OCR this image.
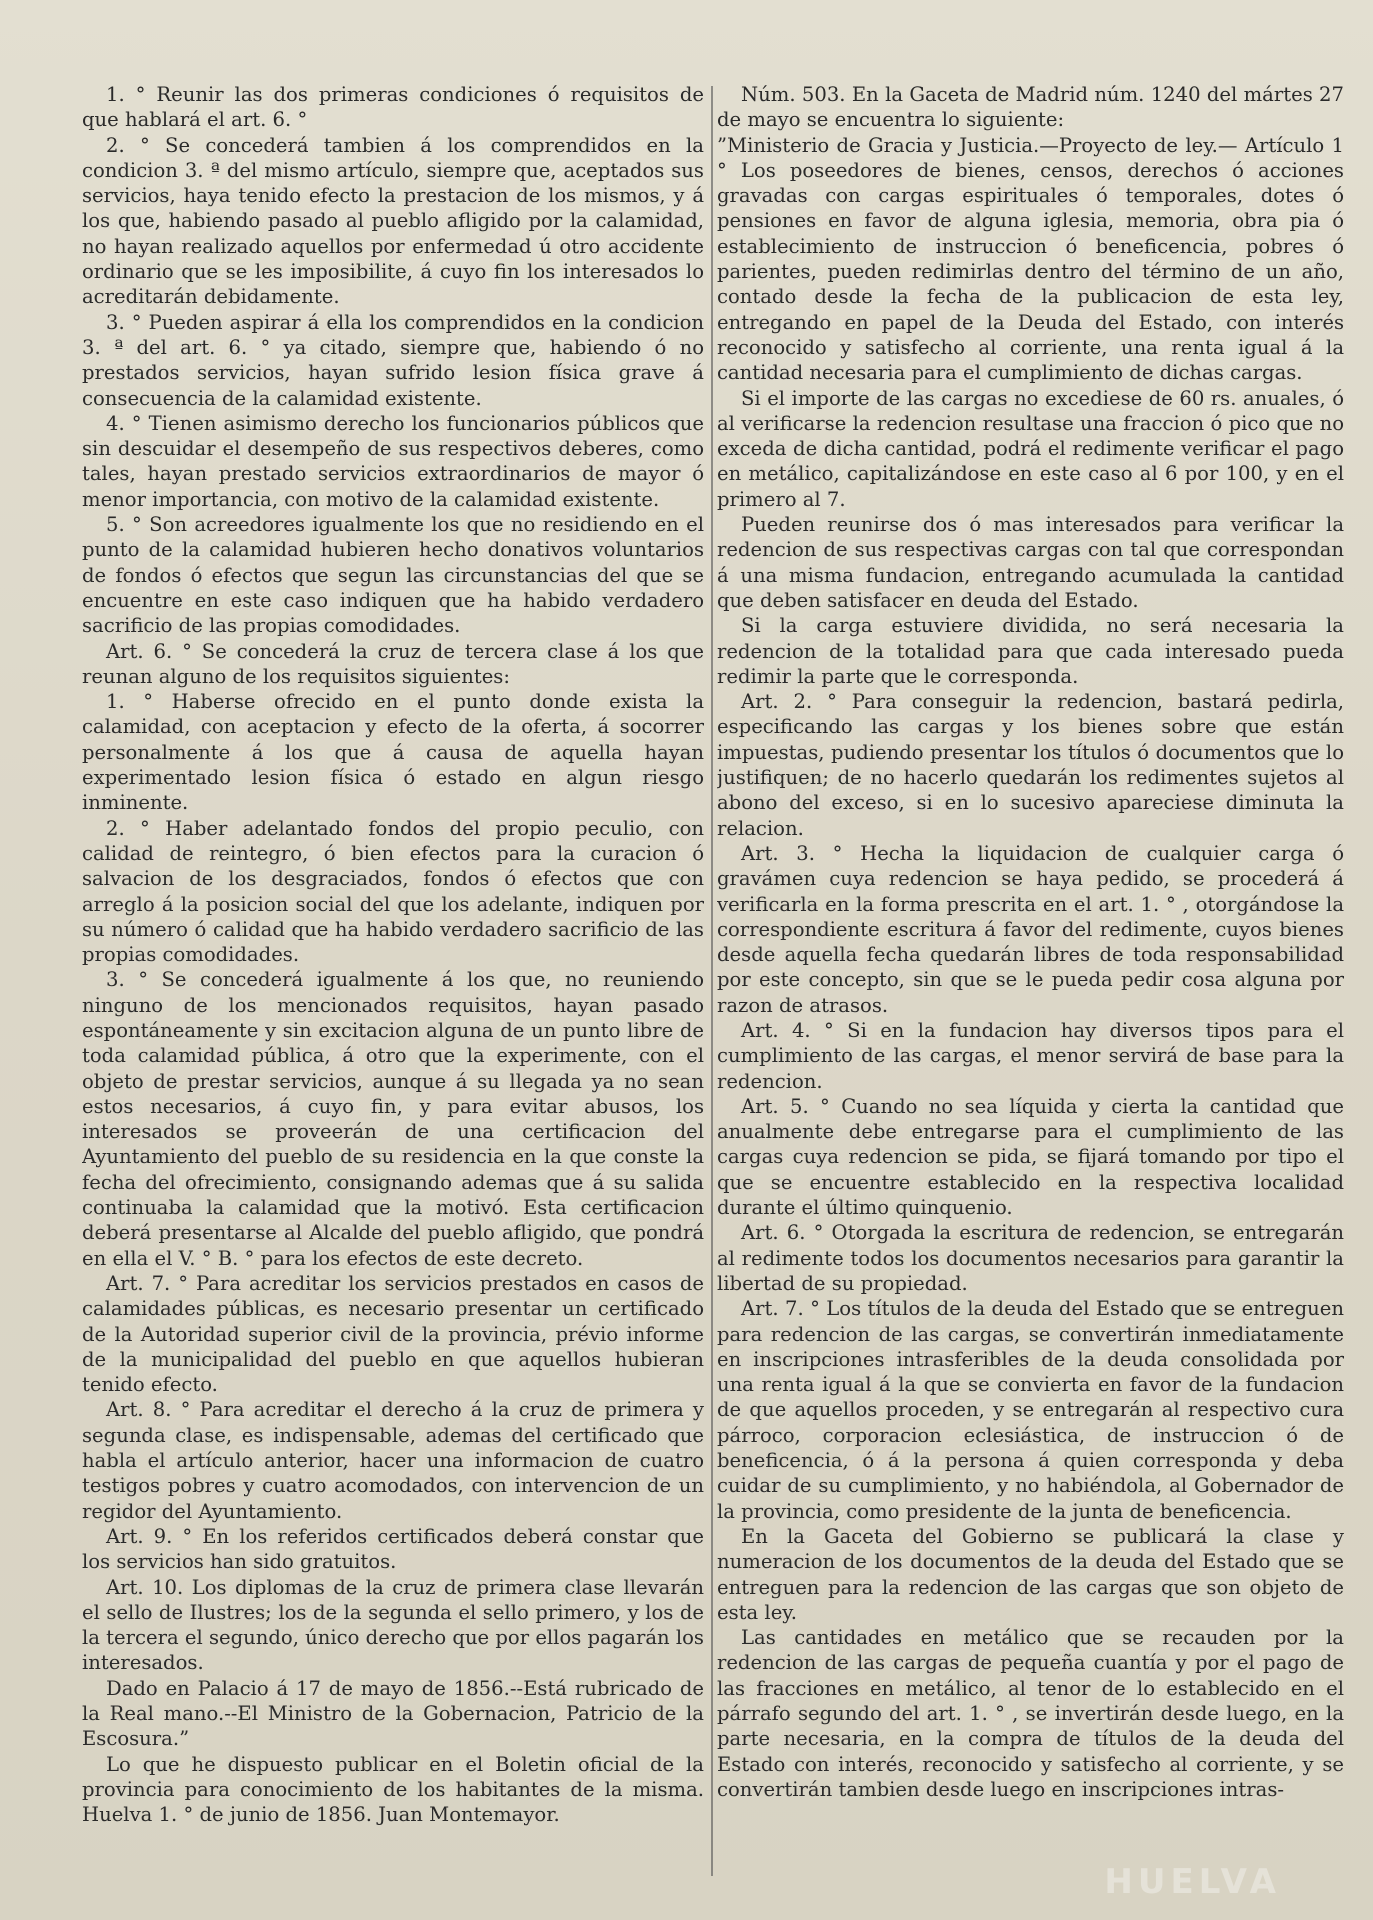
1. ° Reunir las dos primeras condiciones ó requisitos de que hablará el art. 6. °

2. ° Se concederá tambien á los comprendidos en la condicion 3. ª del mismo artículo, siempre que, aceptados sus servicios, haya tenido efecto la prestacion de los mismos, y á los que, habiendo pasado al pueblo afligido por la calamidad, no hayan realizado aquellos por enfermedad ú otro accidente ordinario que se les imposibilite, á cuyo fin los interesados lo acreditarán debidamente.

3. ° Pueden aspirar á ella los comprendidos en la condicion 3. ª del art. 6. ° ya citado, siempre que, habiendo ó no prestados servicios, hayan sufrido lesion física grave á consecuencia de la calamidad existente.

4. ° Tienen asimismo derecho los funcionarios públicos que sin descuidar el desempeño de sus respectivos deberes, como tales, hayan prestado servicios extraordinarios de mayor ó menor importancia, con motivo de la calamidad existente.

5. ° Son acreedores igualmente los que no residiendo en el punto de la calamidad hubieren hecho donativos voluntarios de fondos ó efectos que segun las circunstancias del que se encuentre en este caso indiquen que ha habido verdadero sacrificio de las propias comodidades.

Art. 6. ° Se concederá la cruz de tercera clase á los que reunan alguno de los requisitos siguientes:

1. ° Haberse ofrecido en el punto donde exista la calamidad, con aceptacion y efecto de la oferta, á socorrer personalmente á los que á causa de aquella hayan experimentado lesion física ó estado en algun riesgo inminente.

2. ° Haber adelantado fondos del propio peculio, con calidad de reintegro, ó bien efectos para la curacion ó salvacion de los desgraciados, fondos ó efectos que con arreglo á la posicion social del que los adelante, indiquen por su número ó calidad que ha habido verdadero sacrificio de las propias comodidades.

3. ° Se concederá igualmente á los que, no reuniendo ninguno de los mencionados requisitos, hayan pasado espontáneamente y sin excitacion alguna de un punto libre de toda calamidad pública, á otro que la experimente, con el objeto de prestar servicios, aunque á su llegada ya no sean estos necesarios, á cuyo fin, y para evitar abusos, los interesados se proveerán de una certificacion del Ayuntamiento del pueblo de su residencia en la que conste la fecha del ofrecimiento, consignando ademas que á su salida continuaba la calamidad que la motivó. Esta certificacion deberá presentarse al Alcalde del pueblo afligido, que pondrá en ella el V. ° B. ° para los efectos de este decreto.

Art. 7. ° Para acreditar los servicios prestados en casos de calamidades públicas, es necesario presentar un certificado de la Autoridad superior civil de la provincia, prévio informe de la municipalidad del pueblo en que aquellos hubieran tenido efecto.

Art. 8. ° Para acreditar el derecho á la cruz de primera y segunda clase, es indispensable, ademas del certificado que habla el artículo anterior, hacer una informacion de cuatro testigos pobres y cuatro acomodados, con intervencion de un regidor del Ayuntamiento.

Art. 9. ° En los referidos certificados deberá constar que los servicios han sido gratuitos.

Art. 10. Los diplomas de la cruz de primera clase llevarán el sello de Ilustres; los de la segunda el sello primero, y los de la tercera el segundo, único derecho que por ellos pagarán los interesados.

Dado en Palacio á 17 de mayo de 1856.--Está rubricado de la Real mano.--El Ministro de la Gobernacion, Patricio de la Escosura.”

Lo que he dispuesto publicar en el Boletin oficial de la provincia para conocimiento de los habitantes de la misma. Huelva 1. ° de junio de 1856. Juan Montemayor.

Núm. 503. En la Gaceta de Madrid núm. 1240 del mártes 27 de mayo se encuentra lo siguiente:

”Ministerio de Gracia y Justicia.—Proyecto de ley.— Artículo 1 ° Los poseedores de bienes, censos, derechos ó acciones gravadas con cargas espirituales ó temporales, dotes ó pensiones en favor de alguna iglesia, memoria, obra pia ó establecimiento de instruccion ó beneficencia, pobres ó parientes, pueden redimirlas dentro del término de un año, contado desde la fecha de la publicacion de esta ley, entregando en papel de la Deuda del Estado, con interés reconocido y satisfecho al corriente, una renta igual á la cantidad necesaria para el cumplimiento de dichas cargas.

Si el importe de las cargas no excediese de 60 rs. anuales, ó al verificarse la redencion resultase una fraccion ó pico que no exceda de dicha cantidad, podrá el redimente verificar el pago en metálico, capitalizándose en este caso al 6 por 100, y en el primero al 7.

Pueden reunirse dos ó mas interesados para verificar la redencion de sus respectivas cargas con tal que correspondan á una misma fundacion, entregando acumulada la cantidad que deben satisfacer en deuda del Estado.

Si la carga estuviere dividida, no será necesaria la redencion de la totalidad para que cada interesado pueda redimir la parte que le corresponda.

Art. 2. ° Para conseguir la redencion, bastará pedirla, especificando las cargas y los bienes sobre que están impuestas, pudiendo presentar los títulos ó documentos que lo justifiquen; de no hacerlo quedarán los redimentes sujetos al abono del exceso, si en lo sucesivo apareciese diminuta la relacion.

Art. 3. ° Hecha la liquidacion de cualquier carga ó gravámen cuya redencion se haya pedido, se procederá á verificarla en la forma prescrita en el art. 1. ° , otorgándose la correspondiente escritura á favor del redimente, cuyos bienes desde aquella fecha quedarán libres de toda responsabilidad por este concepto, sin que se le pueda pedir cosa alguna por razon de atrasos.

Art. 4. ° Si en la fundacion hay diversos tipos para el cumplimiento de las cargas, el menor servirá de base para la redencion.

Art. 5. ° Cuando no sea líquida y cierta la cantidad que anualmente debe entregarse para el cumplimiento de las cargas cuya redencion se pida, se fijará tomando por tipo el que se encuentre establecido en la respectiva localidad durante el último quinquenio.

Art. 6. ° Otorgada la escritura de redencion, se entregarán al redimente todos los documentos necesarios para garantir la libertad de su propiedad.

Art. 7. ° Los títulos de la deuda del Estado que se entreguen para redencion de las cargas, se convertirán inmediatamente en inscripciones intrasferibles de la deuda consolidada por una renta igual á la que se convierta en favor de la fundacion de que aquellos proceden, y se entregarán al respectivo cura párroco, corporacion eclesiástica, de instruccion ó de beneficencia, ó á la persona á quien corresponda y deba cuidar de su cumplimiento, y no habiéndola, al Gobernador de la provincia, como presidente de la junta de beneficencia.

En la Gaceta del Gobierno se publicará la clase y numeracion de los documentos de la deuda del Estado que se entreguen para la redencion de las cargas que son objeto de esta ley.

Las cantidades en metálico que se recauden por la redencion de las cargas de pequeña cuantía y por el pago de las fracciones en metálico, al tenor de lo establecido en el párrafo segundo del art. 1. ° , se invertirán desde luego, en la parte necesaria, en la compra de títulos de la deuda del Estado con interés, reconocido y satisfecho al corriente, y se convertirán tambien desde luego en inscripciones intras-

HUELVA
